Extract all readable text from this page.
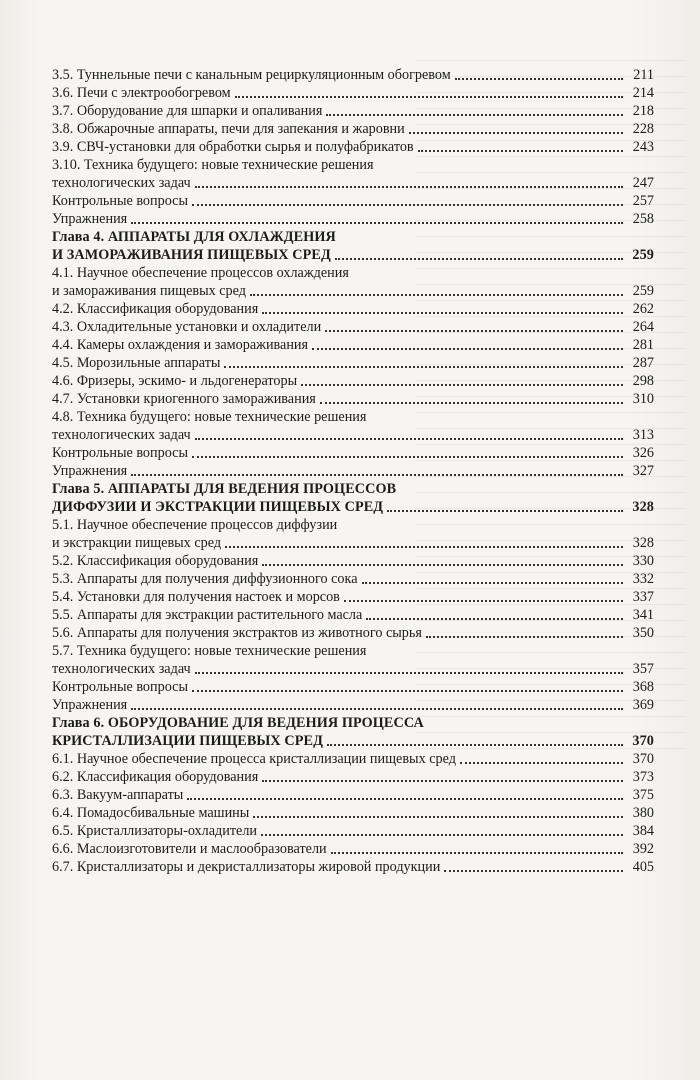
3.5. Туннельные печи с канальным рециркуляционным обогревом	211
3.6. Печи с электрообогревом	214
3.7. Оборудование для шпарки и опаливания	218
3.8. Обжарочные аппараты, печи для запекания и жаровни	228
3.9. СВЧ-установки для обработки сырья и полуфабрикатов	243
3.10. Техника будущего: новые технические решения
технологических задач	247
Контрольные вопросы	257
Упражнения	258
Глава 4. АППАРАТЫ ДЛЯ ОХЛАЖДЕНИЯ
И ЗАМОРАЖИВАНИЯ ПИЩЕВЫХ СРЕД	259
4.1. Научное обеспечение процессов охлаждения
и замораживания пищевых сред	259
4.2. Классификация оборудования	262
4.3. Охладительные установки и охладители	264
4.4. Камеры охлаждения и замораживания	281
4.5. Морозильные аппараты	287
4.6. Фризеры, эскимо- и льдогенераторы	298
4.7. Установки криогенного замораживания	310
4.8. Техника будущего: новые технические решения
технологических задач	313
Контрольные вопросы	326
Упражнения	327
Глава 5. АППАРАТЫ ДЛЯ ВЕДЕНИЯ ПРОЦЕССОВ
ДИФФУЗИИ И ЭКСТРАКЦИИ ПИЩЕВЫХ СРЕД	328
5.1. Научное обеспечение процессов диффузии
и экстракции пищевых сред	328
5.2. Классификация оборудования	330
5.3. Аппараты для получения диффузионного сока	332
5.4. Установки для получения настоек и морсов	337
5.5. Аппараты для экстракции растительного масла	341
5.6. Аппараты для получения экстрактов из животного сырья	350
5.7. Техника будущего: новые технические решения
технологических задач	357
Контрольные вопросы	368
Упражнения	369
Глава 6. ОБОРУДОВАНИЕ ДЛЯ ВЕДЕНИЯ ПРОЦЕССА
КРИСТАЛЛИЗАЦИИ ПИЩЕВЫХ СРЕД	370
6.1. Научное обеспечение процесса кристаллизации пищевых сред	370
6.2. Классификация оборудования	373
6.3. Вакуум-аппараты	375
6.4. Помадосбивальные машины	380
6.5. Кристаллизаторы-охладители	384
6.6. Маслоизготовители и маслообразователи	392
6.7. Кристаллизаторы и декристаллизаторы жировой продукции	405
